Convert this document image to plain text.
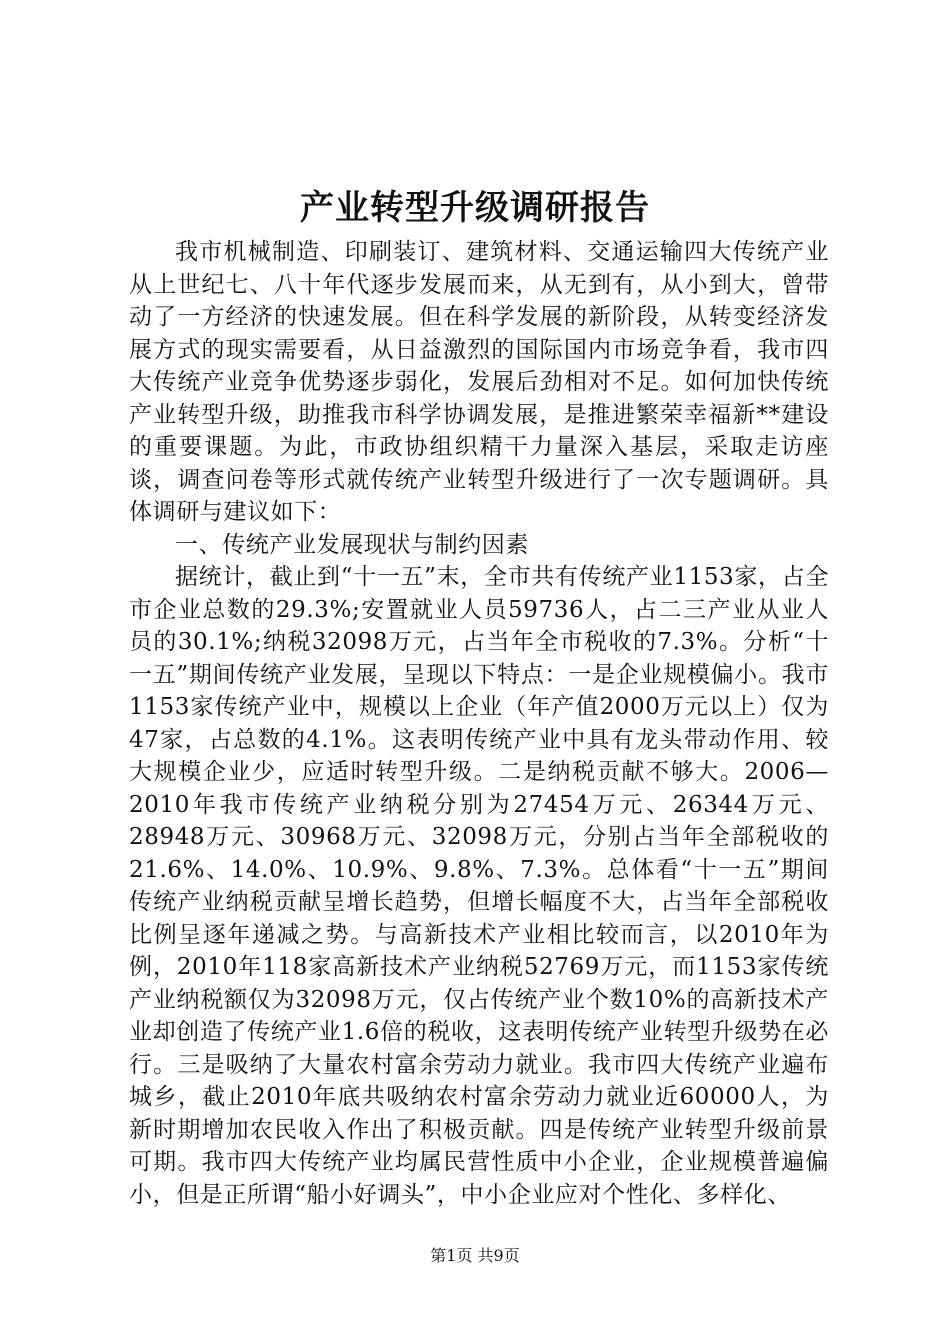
产业转型升级调研报告

我市机械制造、印刷装订、建筑材料、交通运输四大传统产业从上世纪七、八十年代逐步发展而来，从无到有，从小到大，曾带动了一方经济的快速发展。但在科学发展的新阶段，从转变经济发展方式的现实需要看，从日益激烈的国际国内市场竞争看，我市四大传统产业竞争优势逐步弱化，发展后劲相对不足。如何加快传统产业转型升级，助推我市科学协调发展，是推进繁荣幸福新**建设的重要课题。为此，市政协组织精干力量深入基层，采取走访座谈，调查问卷等形式就传统产业转型升级进行了一次专题调研。具体调研与建议如下：

一、传统产业发展现状与制约因素

据统计，截止到“十一五”末，全市共有传统产业1153家，占全市企业总数的29.3%;安置就业人员59736人，占二三产业从业人员的30.1%;纳税32098万元，占当年全市税收的7.3%。分析“十一五”期间传统产业发展，呈现以下特点：一是企业规模偏小。我市1153家传统产业中，规模以上企业（年产值2000万元以上）仅为47家，占总数的4.1%。这表明传统产业中具有龙头带动作用、较大规模企业少，应适时转型升级。二是纳税贡献不够大。2006—2010年我市传统产业纳税分别为27454万元、26344万元、28948万元、30968万元、32098万元，分别占当年全部税收的21.6%、14.0%、10.9%、9.8%、7.3%。总体看“十一五”期间传统产业纳税贡献呈增长趋势，但增长幅度不大，占当年全部税收比例呈逐年递减之势。与高新技术产业相比较而言，以2010年为例，2010年118家高新技术产业纳税52769万元，而1153家传统产业纳税额仅为32098万元，仅占传统产业个数10%的高新技术产业却创造了传统产业1.6倍的税收，这表明传统产业转型升级势在必行。三是吸纳了大量农村富余劳动力就业。我市四大传统产业遍布城乡，截止2010年底共吸纳农村富余劳动力就业近60000人，为新时期增加农民收入作出了积极贡献。四是传统产业转型升级前景可期。我市四大传统产业均属民营性质中小企业，企业规模普遍偏小，但是正所谓“船小好调头”，中小企业应对个性化、多样化、

第1页 共9页
